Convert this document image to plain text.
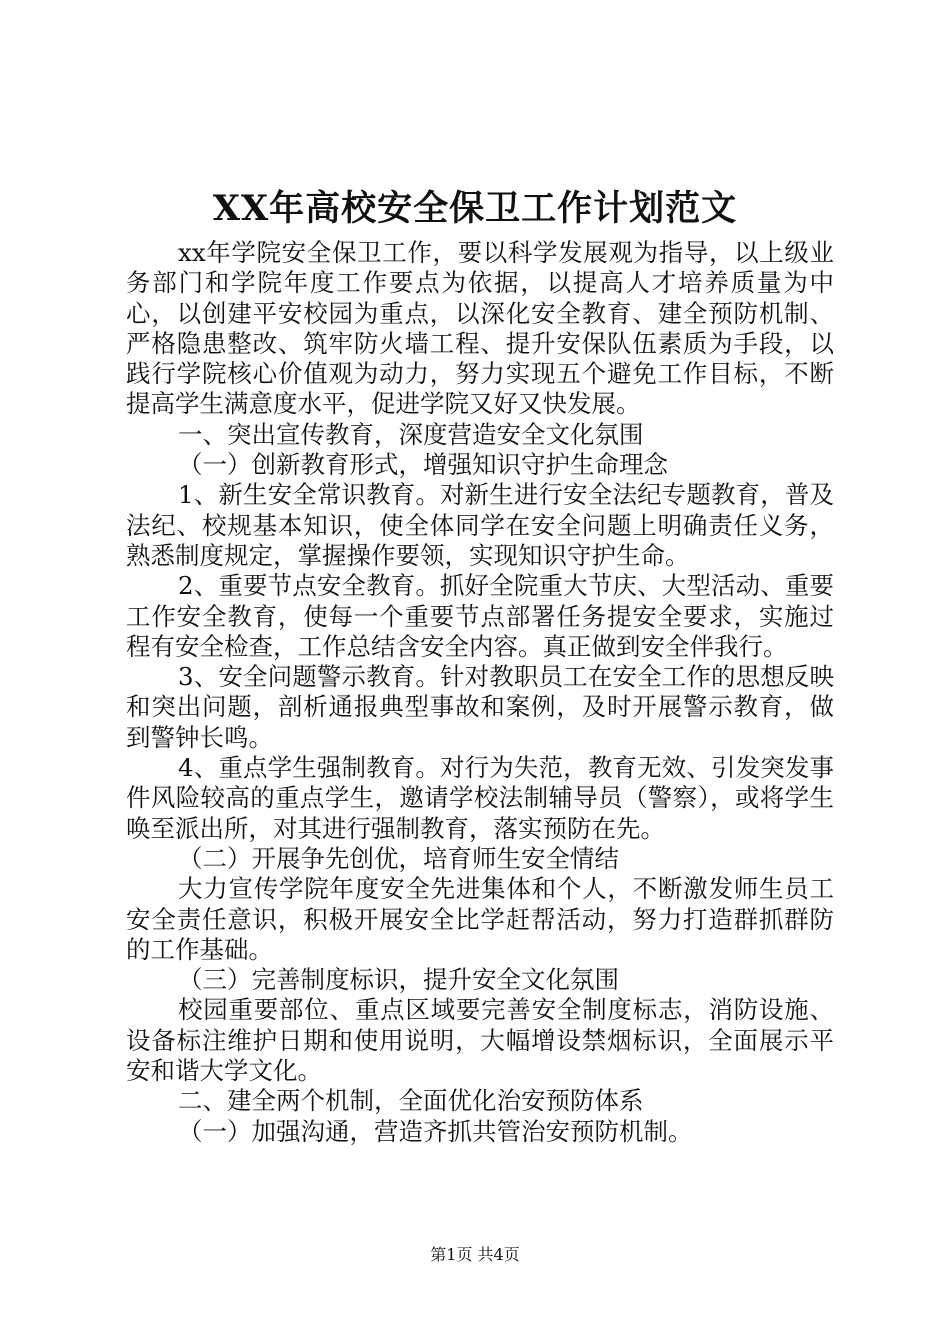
XX年高校安全保卫工作计划范文

xx年学院安全保卫工作，要以科学发展观为指导，以上级业务部门和学院年度工作要点为依据，以提高人才培养质量为中心，以创建平安校园为重点，以深化安全教育、建全预防机制、严格隐患整改、筑牢防火墙工程、提升安保队伍素质为手段，以践行学院核心价值观为动力，努力实现五个避免工作目标，不断提高学生满意度水平，促进学院又好又快发展。

一、突出宣传教育，深度营造安全文化氛围

（一）创新教育形式，增强知识守护生命理念

1、新生安全常识教育。对新生进行安全法纪专题教育，普及法纪、校规基本知识，使全体同学在安全问题上明确责任义务，熟悉制度规定，掌握操作要领，实现知识守护生命。

2、重要节点安全教育。抓好全院重大节庆、大型活动、重要工作安全教育，使每一个重要节点部署任务提安全要求，实施过程有安全检查，工作总结含安全内容。真正做到安全伴我行。

3、安全问题警示教育。针对教职员工在安全工作的思想反映和突出问题，剖析通报典型事故和案例，及时开展警示教育，做到警钟长鸣。

4、重点学生强制教育。对行为失范，教育无效、引发突发事件风险较高的重点学生，邀请学校法制辅导员（警察），或将学生唤至派出所，对其进行强制教育，落实预防在先。

（二）开展争先创优，培育师生安全情结

大力宣传学院年度安全先进集体和个人，不断激发师生员工安全责任意识，积极开展安全比学赶帮活动，努力打造群抓群防的工作基础。

（三）完善制度标识，提升安全文化氛围

校园重要部位、重点区域要完善安全制度标志，消防设施、设备标注维护日期和使用说明，大幅增设禁烟标识，全面展示平安和谐大学文化。

二、建全两个机制，全面优化治安预防体系

（一）加强沟通，营造齐抓共管治安预防机制。

第1页 共4页
